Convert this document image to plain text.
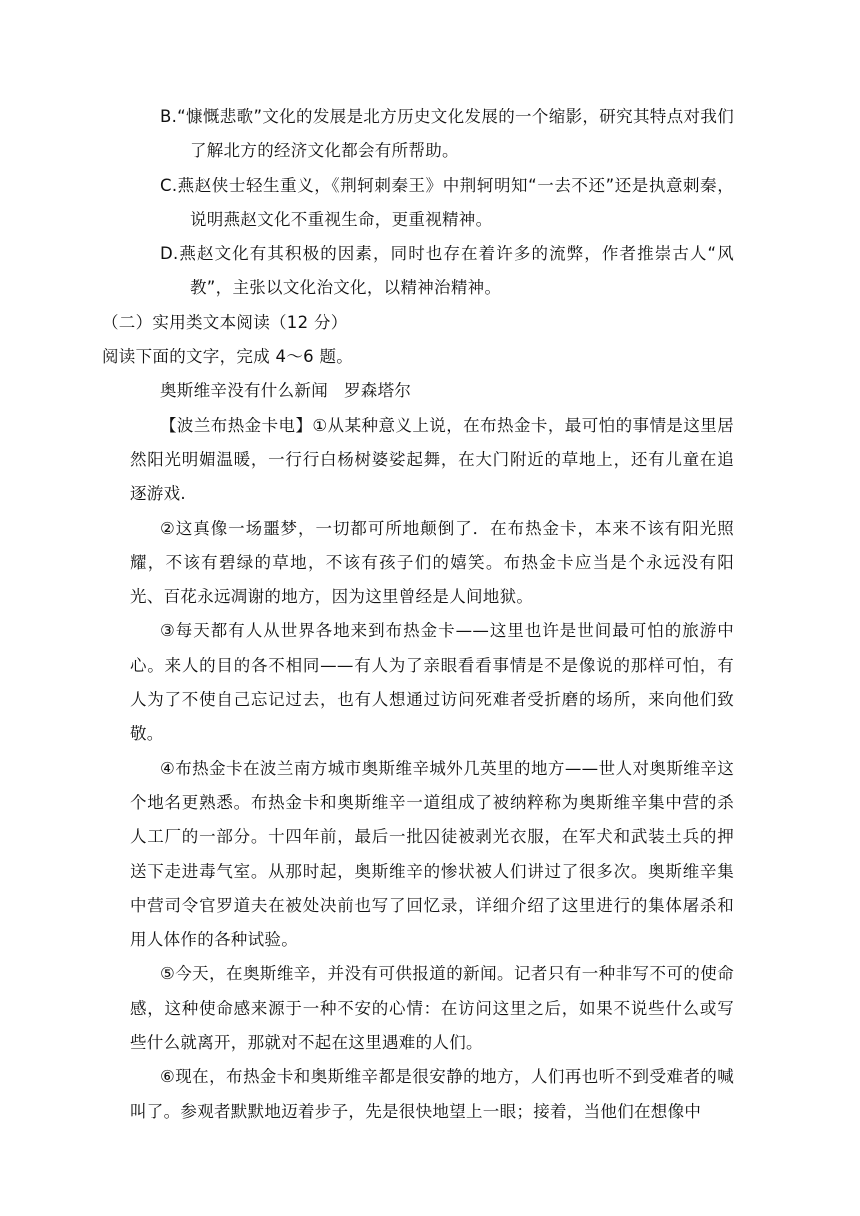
B.“慷慨悲歌”文化的发展是北方历史文化发展的一个缩影，研究其特点对我们了解北方的经济文化都会有所帮助。

C.燕赵侠士轻生重义，《荆轲刺秦王》中荆轲明知“一去不还”还是执意刺秦，说明燕赵文化不重视生命，更重视精神。

D.燕赵文化有其积极的因素，同时也存在着许多的流弊，作者推崇古人“风教”，主张以文化治文化，以精神治精神。

（二）实用类文本阅读（12 分）

阅读下面的文字，完成 4～6 题。

奥斯维辛没有什么新闻 罗森塔尔

【波兰布热金卡电】①从某种意义上说，在布热金卡，最可怕的事情是这里居然阳光明媚温暖，一行行白杨树婆娑起舞，在大门附近的草地上，还有儿童在追逐游戏.

②这真像一场噩梦，一切都可所地颠倒了．在布热金卡，本来不该有阳光照耀，不该有碧绿的草地，不该有孩子们的嬉笑。布热金卡应当是个永远没有阳光、百花永远凋谢的地方，因为这里曾经是人间地狱。

③每天都有人从世界各地来到布热金卡——这里也许是世间最可怕的旅游中心。来人的目的各不相同——有人为了亲眼看看事情是不是像说的那样可怕，有人为了不使自己忘记过去，也有人想通过访问死难者受折磨的场所，来向他们致敬。

④布热金卡在波兰南方城市奥斯维辛城外几英里的地方——世人对奥斯维辛这个地名更熟悉。布热金卡和奥斯维辛一道组成了被纳粹称为奥斯维辛集中营的杀人工厂的一部分。十四年前，最后一批囚徒被剥光衣服，在军犬和武装土兵的押送下走进毒气室。从那时起，奥斯维辛的惨状被人们讲过了很多次。奥斯维辛集中营司令官罗道夫在被处决前也写了回忆录，详细介绍了这里进行的集体屠杀和用人体作的各种试验。

⑤今天，在奥斯维辛，并没有可供报道的新闻。记者只有一种非写不可的使命感，这种使命感来源于一种不安的心情：在访问这里之后，如果不说些什么或写些什么就离开，那就对不起在这里遇难的人们。

⑥现在，布热金卡和奥斯维辛都是很安静的地方，人们再也听不到受难者的喊叫了。参观者默默地迈着步子，先是很快地望上一眼；接着，当他们在想像中
